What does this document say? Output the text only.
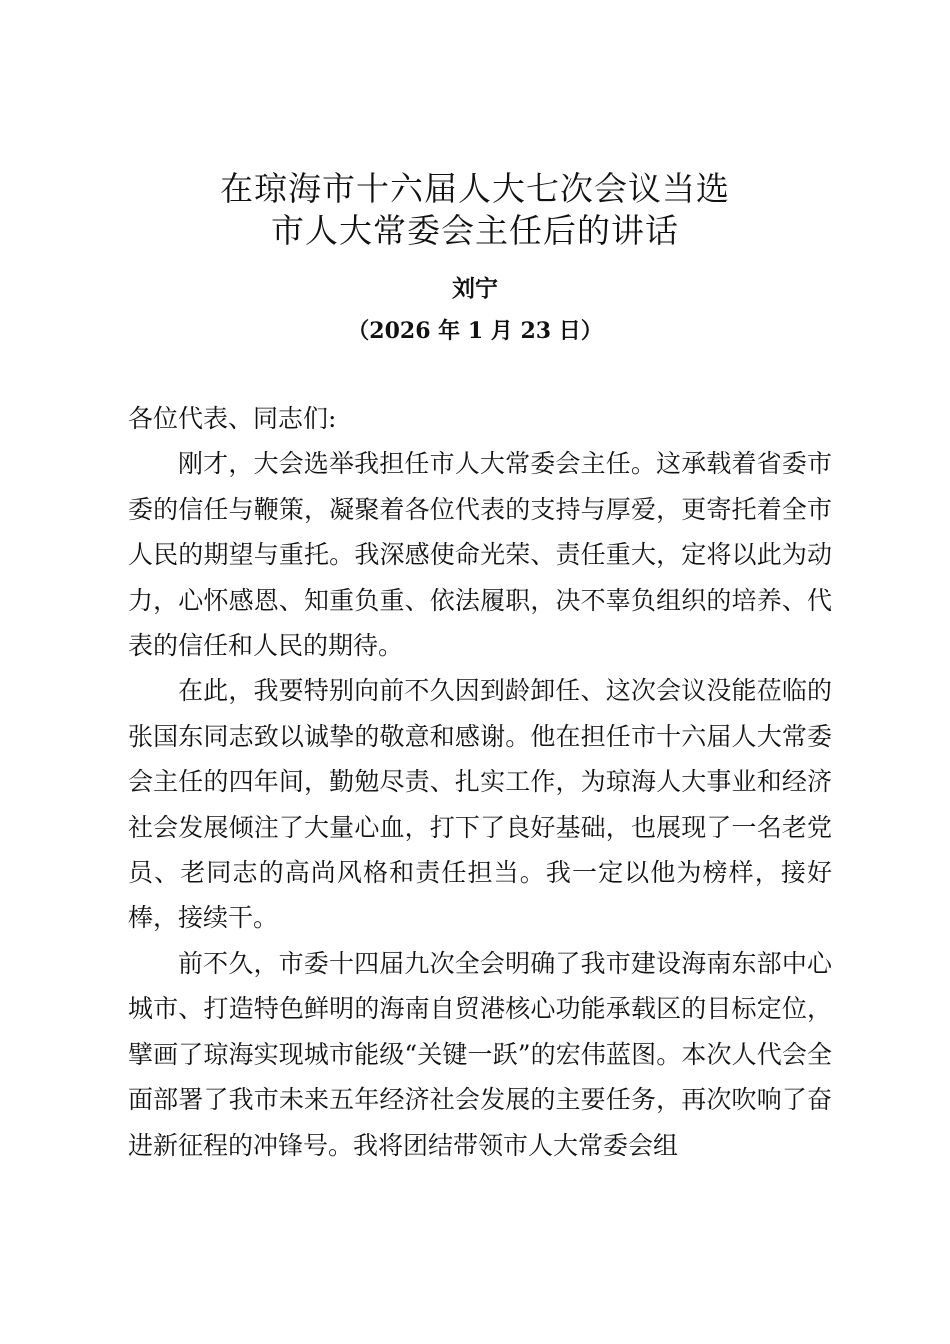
在琼海市十六届人大七次会议当选
市人大常委会主任后的讲话
刘宁
（2026 年 1 月 23 日）

各位代表、同志们:

刚才，大会选举我担任市人大常委会主任。这承载着省委市委的信任与鞭策，凝聚着各位代表的支持与厚爱，更寄托着全市人民的期望与重托。我深感使命光荣、责任重大，定将以此为动力，心怀感恩、知重负重、依法履职，决不辜负组织的培养、代表的信任和人民的期待。

在此，我要特别向前不久因到龄卸任、这次会议没能莅临的张国东同志致以诚挚的敬意和感谢。他在担任市十六届人大常委会主任的四年间，勤勉尽责、扎实工作，为琼海人大事业和经济社会发展倾注了大量心血，打下了良好基础，也展现了一名老党员、老同志的高尚风格和责任担当。我一定以他为榜样，接好棒，接续干。

前不久，市委十四届九次全会明确了我市建设海南东部中心城市、打造特色鲜明的海南自贸港核心功能承载区的目标定位，擘画了琼海实现城市能级“关键一跃”的宏伟蓝图。本次人代会全面部署了我市未来五年经济社会发展的主要任务，再次吹响了奋进新征程的冲锋号。我将团结带领市人大常委会组
